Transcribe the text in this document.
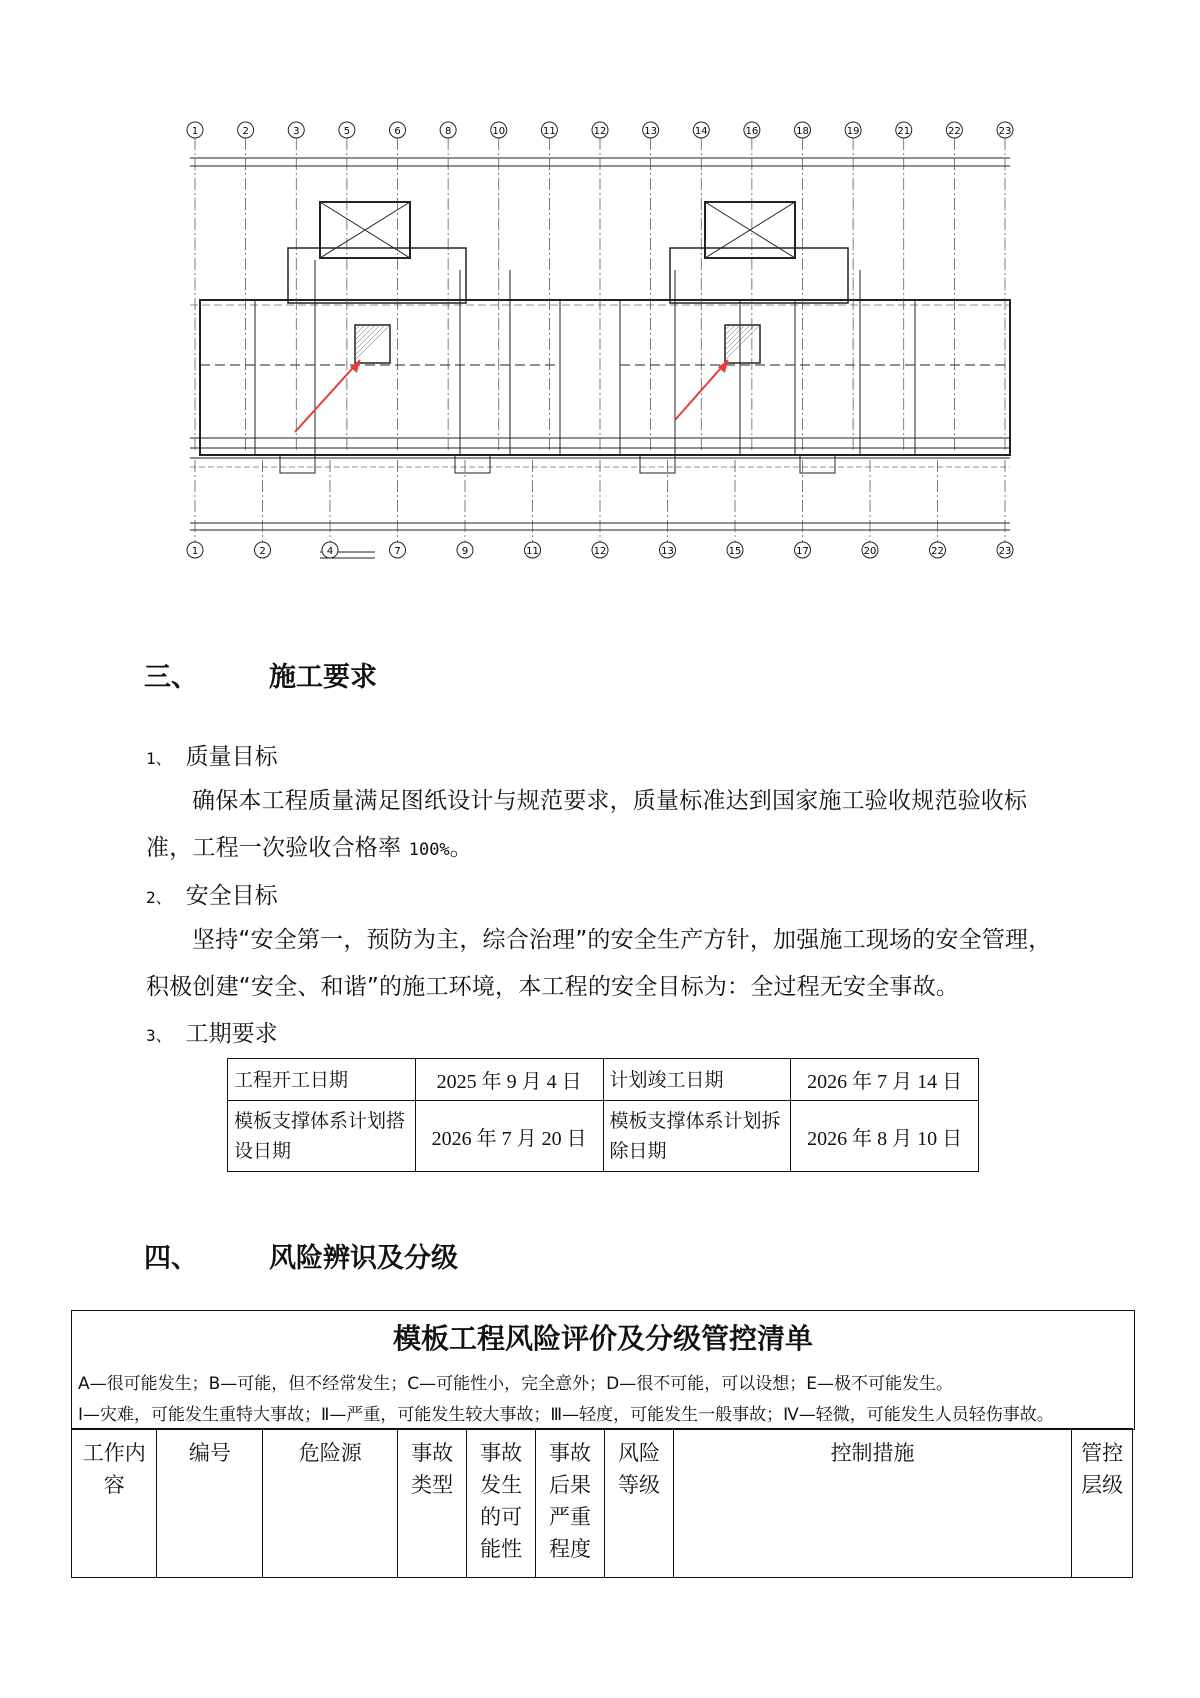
1	2	3	5	6	8	10	11	12	13	14	16	18	19	21	22	23
1	2	4	7	9	11	12	13	15	17	20	22	23
三、	施工要求
1、 质量目标
确保本工程质量满足图纸设计与规范要求，质量标准达到国家施工验收规范验收标准，工程一次验收合格率 100%。
2、 安全目标
坚持“安全第一，预防为主，综合治理”的安全生产方针，加强施工现场的安全管理，积极创建“安全、和谐”的施工环境，本工程的安全目标为：全过程无安全事故。
3、 工期要求
工程开工日期	2025 年 9 月 4 日	计划竣工日期	2026 年 7 月 14 日
模板支撑体系计划搭设日期	2026 年 7 月 20 日	模板支撑体系计划拆除日期	2026 年 8 月 10 日
四、	风险辨识及分级
模板工程风险评价及分级管控清单
A—很可能发生；B—可能，但不经常发生；C—可能性小，完全意外；D—很不可能，可以设想；E—极不可能发生。
Ⅰ—灾难，可能发生重特大事故；Ⅱ—严重，可能发生较大事故；Ⅲ—轻度，可能发生一般事故；Ⅳ—轻微，可能发生人员轻伤事故。
工作内容	编号	危险源	事故类型	事故发生的可能性	事故后果严重程度	风险等级	控制措施	管控层级
